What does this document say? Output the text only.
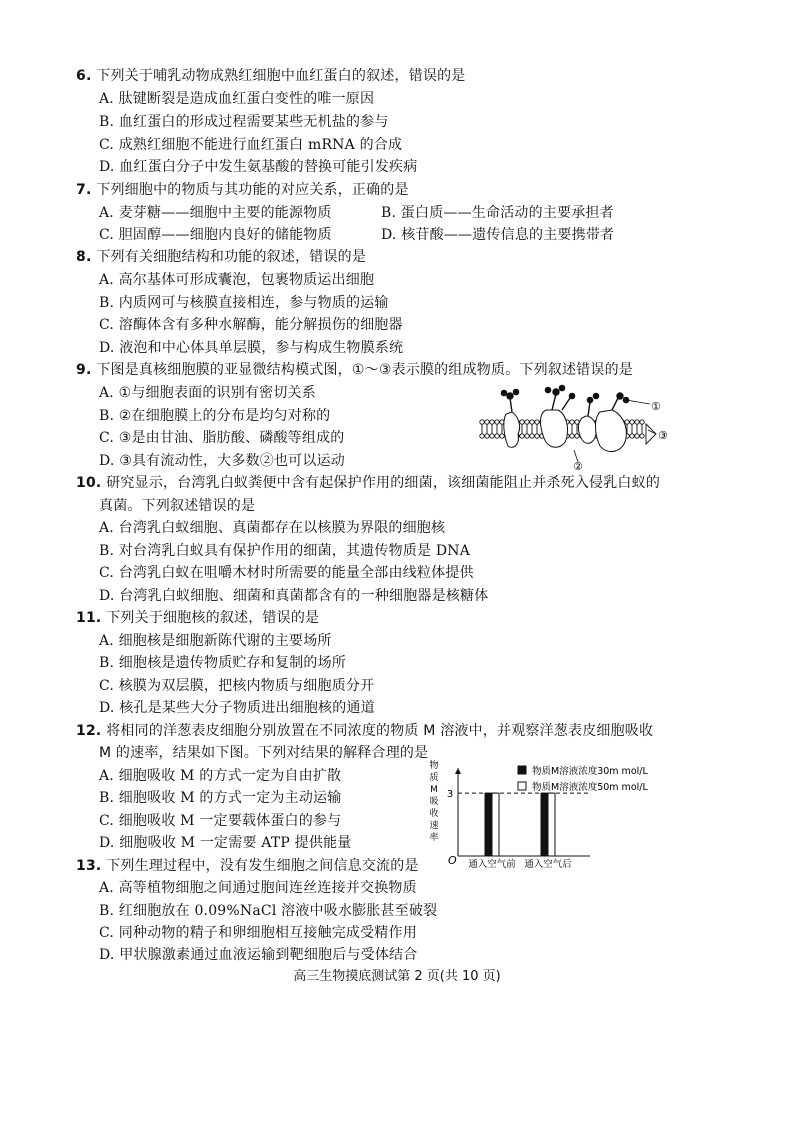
6. 下列关于哺乳动物成熟红细胞中血红蛋白的叙述，错误的是
A. 肽键断裂是造成血红蛋白变性的唯一原因
B. 血红蛋白的形成过程需要某些无机盐的参与
C. 成熟红细胞不能进行血红蛋白 mRNA 的合成
D. 血红蛋白分子中发生氨基酸的替换可能引发疾病
7. 下列细胞中的物质与其功能的对应关系，正确的是
A. 麦芽糖——细胞中主要的能源物质	B. 蛋白质——生命活动的主要承担者
C. 胆固醇——细胞内良好的储能物质	D. 核苷酸——遗传信息的主要携带者
8. 下列有关细胞结构和功能的叙述，错误的是
A. 高尔基体可形成囊泡，包裹物质运出细胞
B. 内质网可与核膜直接相连，参与物质的运输
C. 溶酶体含有多种水解酶，能分解损伤的细胞器
D. 液泡和中心体具单层膜，参与构成生物膜系统
9. 下图是真核细胞膜的亚显微结构模式图，①～③表示膜的组成物质。下列叙述错误的是
A. ①与细胞表面的识别有密切关系
B. ②在细胞膜上的分布是均匀对称的
C. ③是由甘油、脂肪酸、磷酸等组成的
D. ③具有流动性，大多数②也可以运动
①
③
②
10. 研究显示，台湾乳白蚁粪便中含有起保护作用的细菌，该细菌能阻止并杀死入侵乳白蚁的
真菌。下列叙述错误的是
A. 台湾乳白蚁细胞、真菌都存在以核膜为界限的细胞核
B. 对台湾乳白蚁具有保护作用的细菌，其遗传物质是 DNA
C. 台湾乳白蚁在咀嚼木材时所需要的能量全部由线粒体提供
D. 台湾乳白蚁细胞、细菌和真菌都含有的一种细胞器是核糖体
11. 下列关于细胞核的叙述，错误的是
A. 细胞核是细胞新陈代谢的主要场所
B. 细胞核是遗传物质贮存和复制的场所
C. 核膜为双层膜，把核内物质与细胞质分开
D. 核孔是某些大分子物质进出细胞核的通道
12. 将相同的洋葱表皮细胞分别放置在不同浓度的物质 M 溶液中，并观察洋葱表皮细胞吸收
M 的速率，结果如下图。下列对结果的解释合理的是
A. 细胞吸收 M 的方式一定为自由扩散
B. 细胞吸收 M 的方式一定为主动运输
C. 细胞吸收 M 一定要载体蛋白的参与
D. 细胞吸收 M 一定需要 ATP 提供能量
物
质
M
吸
收
速
率
O
3
通入空气前 通入空气后
物质M溶液浓度30m mol/L
物质M溶液浓度50m mol/L
13. 下列生理过程中，没有发生细胞之间信息交流的是
A. 高等植物细胞之间通过胞间连丝连接并交换物质
B. 红细胞放在 0.09%NaCl 溶液中吸水膨胀甚至破裂
C. 同种动物的精子和卵细胞相互接触完成受精作用
D. 甲状腺激素通过血液运输到靶细胞后与受体结合
高三生物摸底测试第 2 页(共 10 页)
